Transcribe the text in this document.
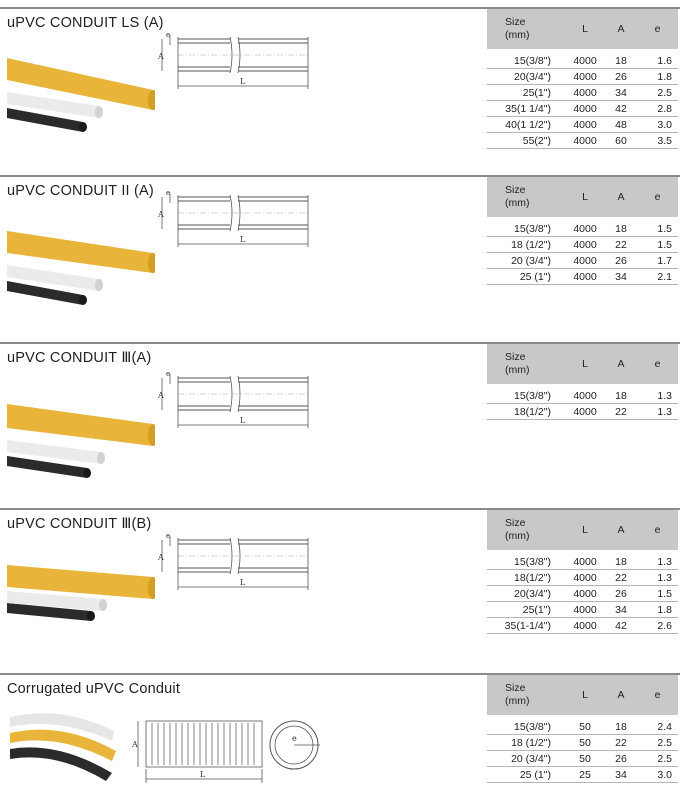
uPVC CONDUIT LS (A)
A
e
L
Size
(mm)	L	A	e
15(3/8")	4000	18	1.6
20(3/4")	4000	26	1.8
25(1")	4000	34	2.5
35(1 1/4")	4000	42	2.8
40(1 1/2")	4000	48	3.0
55(2")	4000	60	3.5
uPVC CONDUIT II (A)
A
e
L
Size
(mm)	L	A	e
15(3/8")	4000	18	1.5
18 (1/2")	4000	22	1.5
20 (3/4")	4000	26	1.7
25 (1")	4000	34	2.1
uPVC CONDUIT Ⅲ(A)
A
e
L
Size
(mm)	L	A	e
15(3/8")	4000	18	1.3
18(1/2")	4000	22	1.3
uPVC CONDUIT Ⅲ(B)
A
e
L
Size
(mm)	L	A	e
15(3/8")	4000	18	1.3
18(1/2")	4000	22	1.3
20(3/4")	4000	26	1.5
25(1")	4000	34	1.8
35(1-1/4")	4000	42	2.6
Corrugated uPVC Conduit
A
L
e
Size
(mm)	L	A	e
15(3/8")	50	18	2.4
18 (1/2")	50	22	2.5
20 (3/4")	50	26	2.5
25 (1")	25	34	3.0
